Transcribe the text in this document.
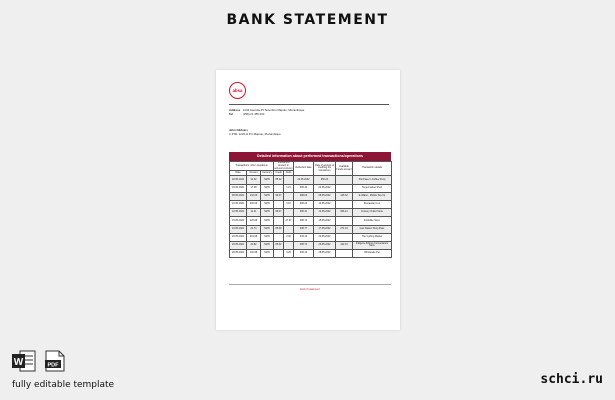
BANK STATEMENT
absa
Address 1234 Avenida 25 Setembro Maputo, Mozambique
Tel	(258) 21 355 000
John Gibbons
C.P.80, 1224-H P.C.Maputo, Mozambique
Detailed information about performed transactions/operations
Transactions, other operations			Transaction amount in account currency		Reflection date	Date of amount of crediting the transaction	Available Funds amount	Transaction details
Date	Amount	Currency	Credit	Debit				
02.05.2022	12.32	MZN	85.32		02.05.2022	950.23		Purchase in Coffee Shop
04.05.2022	17.08	MZN		1.21	005.34	04.05.2022		Supermarket Shell
08.05.2022	132.09	MZN	99.27		098.03	08.05.2022	148.32	E-Wallet - Mobile Top-Up
10.05.2022	200.09	MZN		3.10	908.23	10.05.2022		Restaurant Lux
12.05.2022	11.41	MZN	98.27		095.31	12.05.2022	906.21	Grocery Outlet Store
15.05.2022	120.08	MZN		47.27	485.74	15.05.2022		E-Mobile Store
16.05.2022	21.74	MZN	85.39		408.77	17.05.2022	271.33	Gas Station Shop Pass
20.05.2022	201.98	MZN		2.30	043.13	20.05.2022		The Cycling Market
26.05.2022	22.82	MZN	85.32		485.74	26.05.2022	432.33	Indigene Airlines Convenience Store
28.05.2022	102.98	MZN		4.29	305.13	28.05.2022		Wholesale Pet
End of statement
W	PDF
fully editable template	schci.ru
